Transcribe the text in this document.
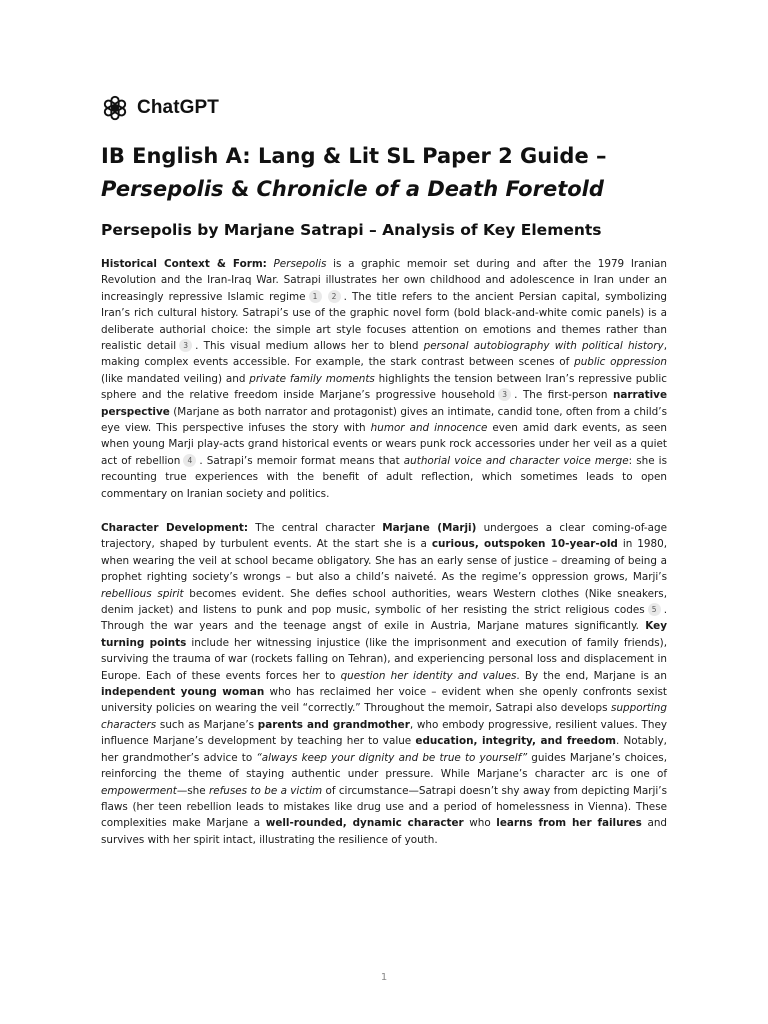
ChatGPT
IB English A: Lang & Lit SL Paper 2 Guide –
Persepolis & Chronicle of a Death Foretold
Persepolis by Marjane Satrapi – Analysis of Key Elements

Historical Context & Form: Persepolis is a graphic memoir set during and after the 1979 Iranian Revolution and the Iran-Iraq War. Satrapi illustrates her own childhood and adolescence in Iran under an increasingly repressive Islamic regime 1 2 . The title refers to the ancient Persian capital, symbolizing Iran’s rich cultural history. Satrapi’s use of the graphic novel form (bold black-and-white comic panels) is a deliberate authorial choice: the simple art style focuses attention on emotions and themes rather than realistic detail 3 . This visual medium allows her to blend personal autobiography with political history, making complex events accessible. For example, the stark contrast between scenes of public oppression (like mandated veiling) and private family moments highlights the tension between Iran’s repressive public sphere and the relative freedom inside Marjane’s progressive household 3 . The first-person narrative perspective (Marjane as both narrator and protagonist) gives an intimate, candid tone, often from a child’s eye view. This perspective infuses the story with humor and innocence even amid dark events, as seen when young Marji play-acts grand historical events or wears punk rock accessories under her veil as a quiet act of rebellion 4 . Satrapi’s memoir format means that authorial voice and character voice merge: she is recounting true experiences with the benefit of adult reflection, which sometimes leads to open commentary on Iranian society and politics.

Character Development: The central character Marjane (Marji) undergoes a clear coming-of-age trajectory, shaped by turbulent events. At the start she is a curious, outspoken 10-year-old in 1980, when wearing the veil at school became obligatory. She has an early sense of justice – dreaming of being a prophet righting society’s wrongs – but also a child’s naiveté. As the regime’s oppression grows, Marji’s rebellious spirit becomes evident. She defies school authorities, wears Western clothes (Nike sneakers, denim jacket) and listens to punk and pop music, symbolic of her resisting the strict religious codes 5 . Through the war years and the teenage angst of exile in Austria, Marjane matures significantly. Key turning points include her witnessing injustice (like the imprisonment and execution of family friends), surviving the trauma of war (rockets falling on Tehran), and experiencing personal loss and displacement in Europe. Each of these events forces her to question her identity and values. By the end, Marjane is an independent young woman who has reclaimed her voice – evident when she openly confronts sexist university policies on wearing the veil “correctly.” Throughout the memoir, Satrapi also develops supporting characters such as Marjane’s parents and grandmother, who embody progressive, resilient values. They influence Marjane’s development by teaching her to value education, integrity, and freedom. Notably, her grandmother’s advice to “always keep your dignity and be true to yourself” guides Marjane’s choices, reinforcing the theme of staying authentic under pressure. While Marjane’s character arc is one of empowerment—she refuses to be a victim of circumstance—Satrapi doesn’t shy away from depicting Marji’s flaws (her teen rebellion leads to mistakes like drug use and a period of homelessness in Vienna). These complexities make Marjane a well-rounded, dynamic character who learns from her failures and survives with her spirit intact, illustrating the resilience of youth.

1
